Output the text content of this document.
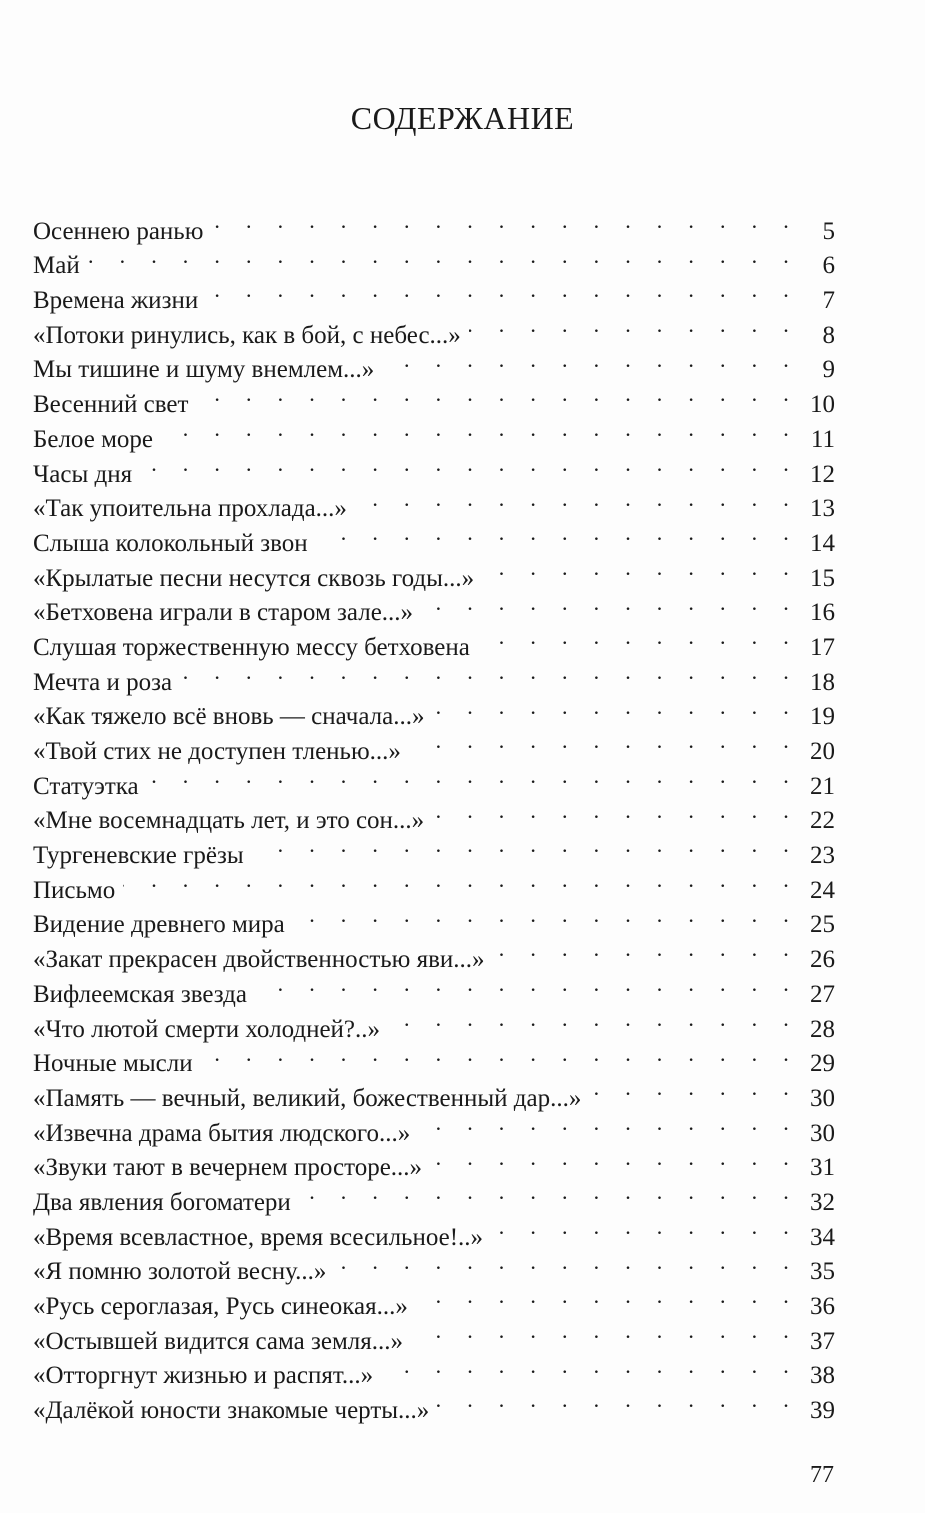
СОДЕРЖАНИЕ
Осеннею ранью . . .	5
Май . . .	6
Времена жизни . . .	7
«Потоки ринулись, как в бой, с небес...» . . .	8
Мы тишине и шуму внемлем...» . . .	9
Весенний свет . . .	10
Белое море . . .	11
Часы дня . . .	12
«Так упоительна прохлада...» . . .	13
Слыша колокольный звон . . .	14
«Крылатые песни несутся сквозь годы...» . . .	15
«Бетховена играли в старом зале...» . . .	16
Слушая торжественную мессу бетховена . . .	17
Мечта и роза . . .	18
«Как тяжело всё вновь — сначала...» . . .	19
«Твой стих не доступен тленью...» . . .	20
Статуэтка . . .	21
«Мне восемнадцать лет, и это сон...» . . .	22
Тургеневские грёзы . . .	23
Письмо . . .	24
Видение древнего мира . . .	25
«Закат прекрасен двойственностью яви...» . . .	26
Вифлеемская звезда . . .	27
«Что лютой смерти холодней?..» . . .	28
Ночные мысли . . .	29
«Память — вечный, великий, божественный дар...» . . .	30
«Извечна драма бытия людского...» . . .	30
«Звуки тают в вечернем просторе...» . . .	31
Два явления богоматери . . .	32
«Время всевластное, время всесильное!..» . . .	34
«Я помню золотой весну...» . . .	35
«Русь сероглазая, Русь синеокая...» . . .	36
«Остывшей видится сама земля...» . . .	37
«Отторгнут жизнью и распят...» . . .	38
«Далёкой юности знакомые черты...» . . .	39
77
